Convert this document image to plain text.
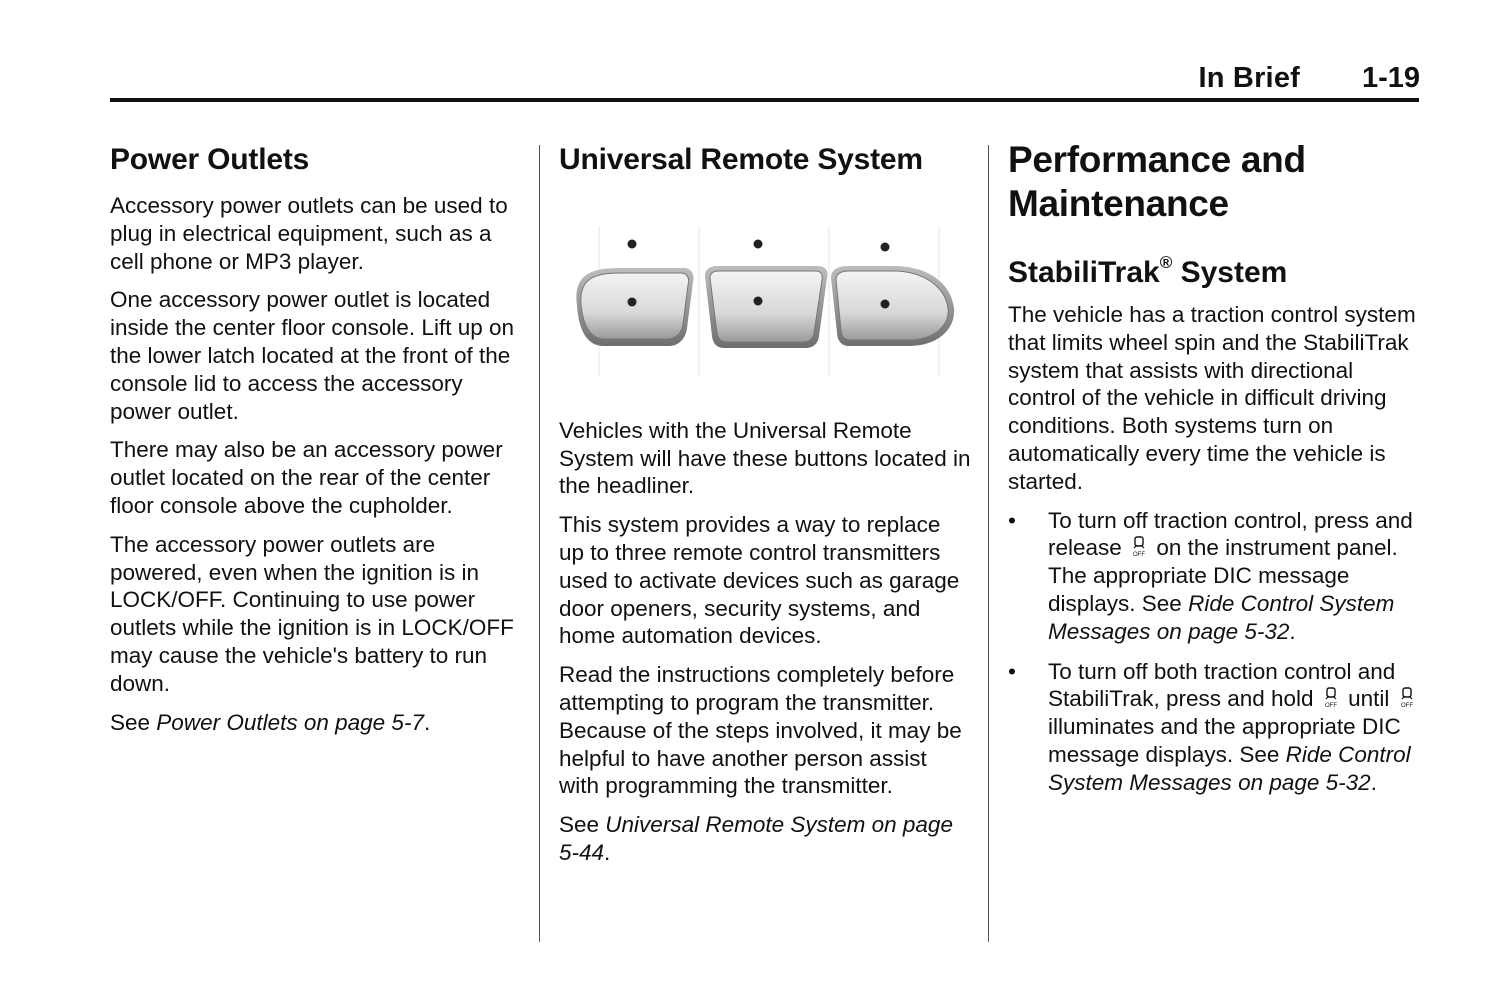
In Brief	1-19
Power Outlets

Accessory power outlets can be used to plug in electrical equipment, such as a cell phone or MP3 player.

One accessory power outlet is located inside the center floor console. Lift up on the lower latch located at the front of the console lid to access the accessory power outlet.

There may also be an accessory power outlet located on the rear of the center floor console above the cupholder.

The accessory power outlets are powered, even when the ignition is in LOCK/OFF. Continuing to use power outlets while the ignition is in LOCK/OFF may cause the vehicle's battery to run down.

See Power Outlets on page 5‑7.

Universal Remote System

Vehicles with the Universal Remote System will have these buttons located in the headliner.

This system provides a way to replace up to three remote control transmitters used to activate devices such as garage door openers, security systems, and home automation devices.

Read the instructions completely before attempting to program the transmitter. Because of the steps involved, it may be helpful to have another person assist with programming the transmitter.

See Universal Remote System on page 5‑44.

Performance and Maintenance
StabiliTrak® System

The vehicle has a traction control system that limits wheel spin and the StabiliTrak system that assists with directional control of the vehicle in difficult driving conditions. Both systems turn on automatically every time the vehicle is started.

• To turn off traction control, press and release OFF on the instrument panel. The appropriate DIC message displays. See Ride Control System Messages on page 5‑32.
• To turn off both traction control and StabiliTrak, press and hold OFF until OFF
illuminates and the appropriate DIC message displays. See Ride Control System Messages on page 5‑32.
